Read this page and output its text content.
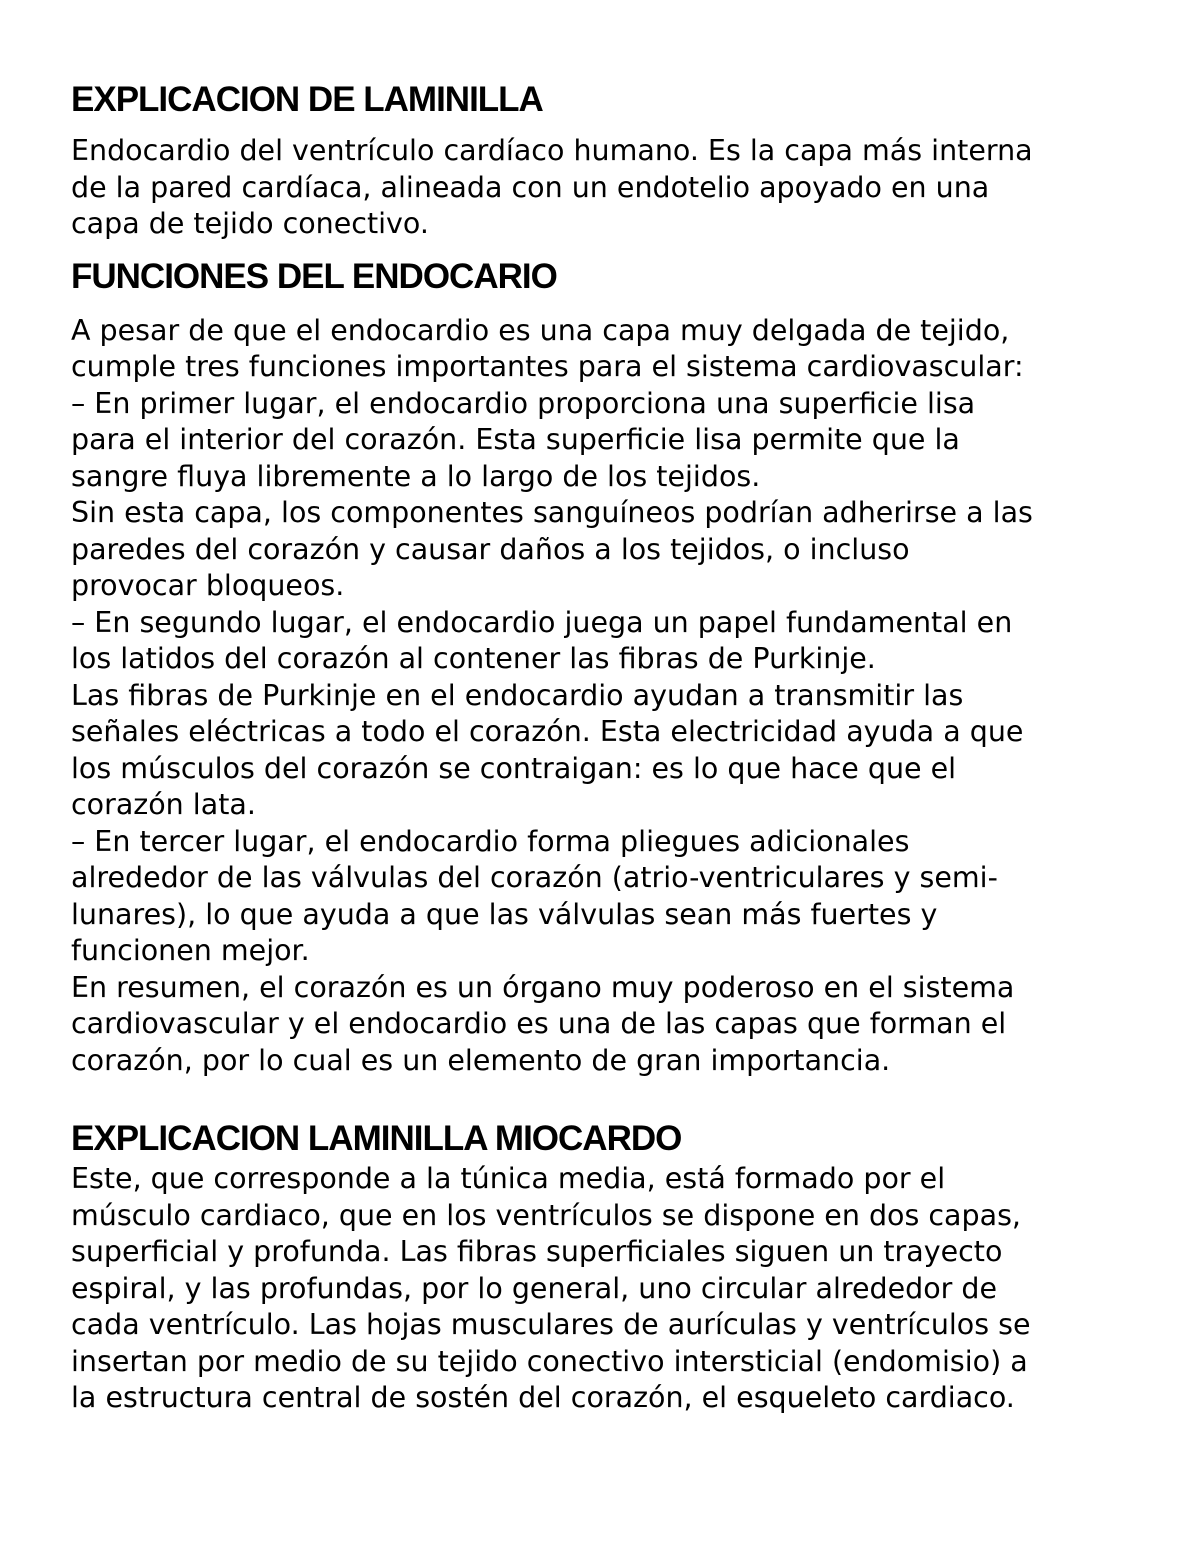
EXPLICACION DE LAMINILLA

Endocardio del ventrículo cardíaco humano. Es la capa más interna
de la pared cardíaca, alineada con un endotelio apoyado en una
capa de tejido conectivo.

FUNCIONES DEL ENDOCARIO

A pesar de que el endocardio es una capa muy delgada de tejido,
cumple tres funciones importantes para el sistema cardiovascular:
– En primer lugar, el endocardio proporciona una superficie lisa
para el interior del corazón. Esta superficie lisa permite que la
sangre fluya libremente a lo largo de los tejidos.
Sin esta capa, los componentes sanguíneos podrían adherirse a las
paredes del corazón y causar daños a los tejidos, o incluso
provocar bloqueos.
– En segundo lugar, el endocardio juega un papel fundamental en
los latidos del corazón al contener las fibras de Purkinje.
Las fibras de Purkinje en el endocardio ayudan a transmitir las
señales eléctricas a todo el corazón. Esta electricidad ayuda a que
los músculos del corazón se contraigan: es lo que hace que el
corazón lata.
– En tercer lugar, el endocardio forma pliegues adicionales
alrededor de las válvulas del corazón (atrio-ventriculares y semi-
lunares), lo que ayuda a que las válvulas sean más fuertes y
funcionen mejor.
En resumen, el corazón es un órgano muy poderoso en el sistema
cardiovascular y el endocardio es una de las capas que forman el
corazón, por lo cual es un elemento de gran importancia.

EXPLICACION LAMINILLA MIOCARDO

Este, que corresponde a la túnica media, está formado por el
músculo cardiaco, que en los ventrículos se dispone en dos capas,
superficial y profunda. Las fibras superficiales siguen un trayecto
espiral, y las profundas, por lo general, uno circular alrededor de
cada ventrículo. Las hojas musculares de aurículas y ventrículos se
insertan por medio de su tejido conectivo intersticial (endomisio) a
la estructura central de sostén del corazón, el esqueleto cardiaco.
